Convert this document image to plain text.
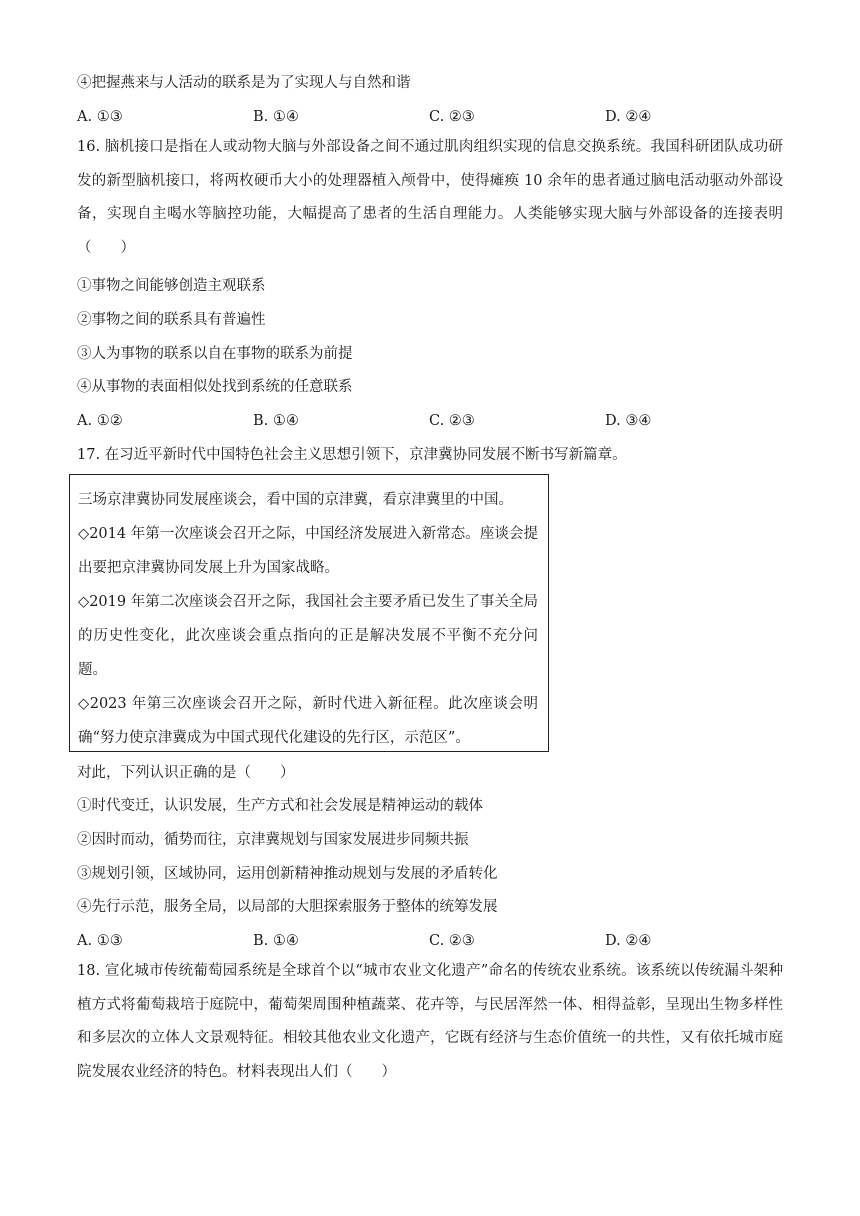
④把握燕来与人活动的联系是为了实现人与自然和谐
A. ①③	B. ①④	C. ②③	D. ②④
16. 脑机接口是指在人或动物大脑与外部设备之间不通过肌肉组织实现的信息交换系统。我国科研团队成功研发的新型脑机接口，将两枚硬币大小的处理器植入颅骨中，使得瘫痪 10 余年的患者通过脑电活动驱动外部设备，实现自主喝水等脑控功能，大幅提高了患者的生活自理能力。人类能够实现大脑与外部设备的连接表明（　　）
①事物之间能够创造主观联系
②事物之间的联系具有普遍性
③人为事物的联系以自在事物的联系为前提
④从事物的表面相似处找到系统的任意联系
A. ①②	B. ①④	C. ②③	D. ③④
17. 在习近平新时代中国特色社会主义思想引领下，京津冀协同发展不断书写新篇章。

三场京津冀协同发展座谈会，看中国的京津冀，看京津冀里的中国。

◇2014 年第一次座谈会召开之际，中国经济发展进入新常态。座谈会提出要把京津冀协同发展上升为国家战略。

◇2019 年第二次座谈会召开之际，我国社会主要矛盾已发生了事关全局的历史性变化，此次座谈会重点指向的正是解决发展不平衡不充分问题。

◇2023 年第三次座谈会召开之际，新时代进入新征程。此次座谈会明确“努力使京津冀成为中国式现代化建设的先行区，示范区”。

对此，下列认识正确的是（　　）
①时代变迁，认识发展，生产方式和社会发展是精神运动的载体
②因时而动，循势而往，京津冀规划与国家发展进步同频共振
③规划引领，区域协同，运用创新精神推动规划与发展的矛盾转化
④先行示范，服务全局，以局部的大胆探索服务于整体的统筹发展
A. ①③	B. ①④	C. ②③	D. ②④
18. 宣化城市传统葡萄园系统是全球首个以“城市农业文化遗产”命名的传统农业系统。该系统以传统漏斗架种植方式将葡萄栽培于庭院中，葡萄架周围种植蔬菜、花卉等，与民居浑然一体、相得益彰，呈现出生物多样性和多层次的立体人文景观特征。相较其他农业文化遗产，它既有经济与生态价值统一的共性，又有依托城市庭院发展农业经济的特色。材料表现出人们（　　）
